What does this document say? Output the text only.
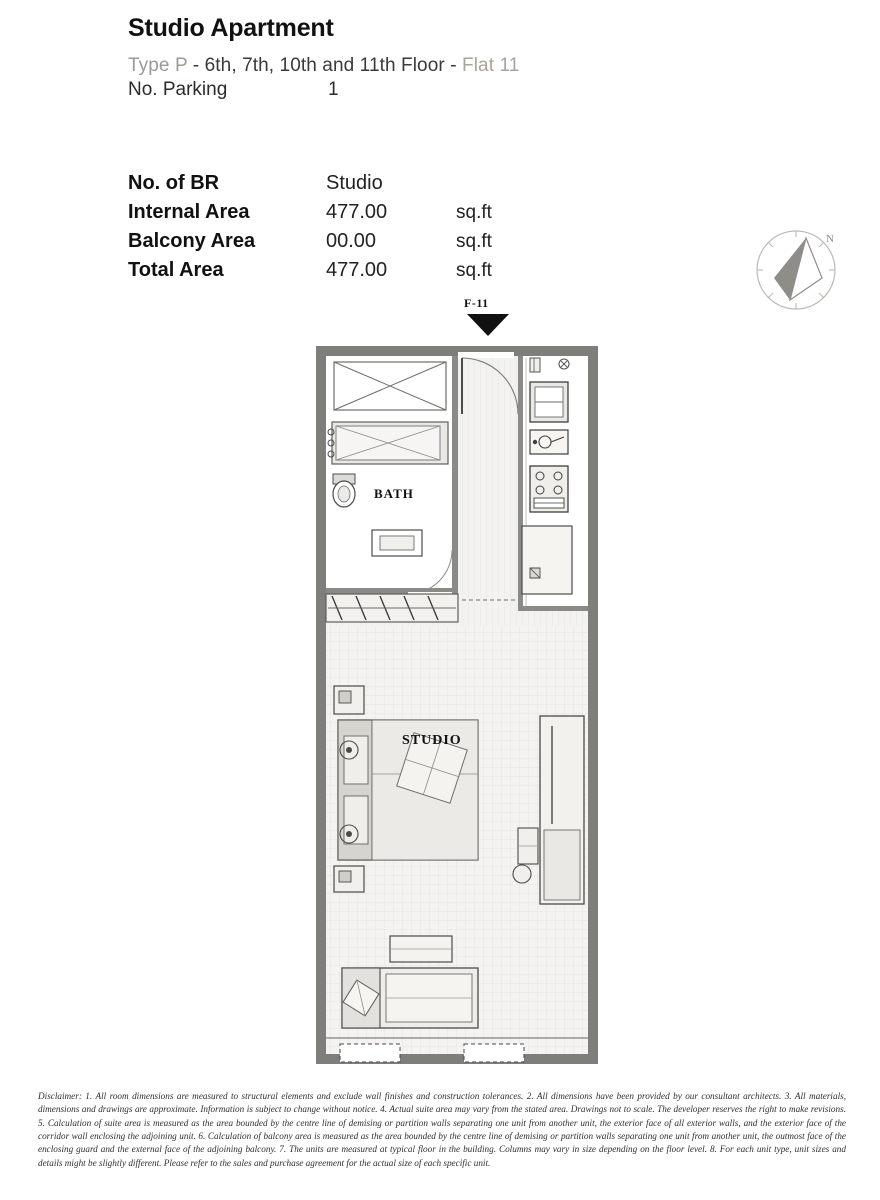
Studio Apartment
Type P - 6th, 7th, 10th and 11th Floor - Flat 11
No. Parking	1
No. of BR	Studio
Internal Area	477.00	sq.ft
Balcony Area	00.00	sq.ft
Total Area	477.00	sq.ft
N
F-11
BATH
STUDIO
Disclaimer: 1. All room dimensions are measured to structural elements and exclude wall finishes and construction tolerances. 2. All dimensions have been provided by our consultant architects. 3. All materials, dimensions and drawings are approximate. Information is subject to change without notice. 4. Actual suite area may vary from the stated area. Drawings not to scale. The developer reserves the right to make revisions. 5. Calculation of suite area is measured as the area bounded by the centre line of demising or partition walls separating one unit from another unit, the exterior face of all exterior walls, and the exterior face of the corridor wall enclosing the adjoining unit. 6. Calculation of balcony area is measured as the area bounded by the centre line of demising or partition walls separating one unit from another unit, the outmost face of the enclosing guard and the external face of the adjoining balcony. 7. The units are measured at typical floor in the building. Columns may vary in size depending on the floor level. 8. For each unit type, unit sizes and details might be slightly different. Please refer to the sales and purchase agreement for the actual size of each specific unit.
